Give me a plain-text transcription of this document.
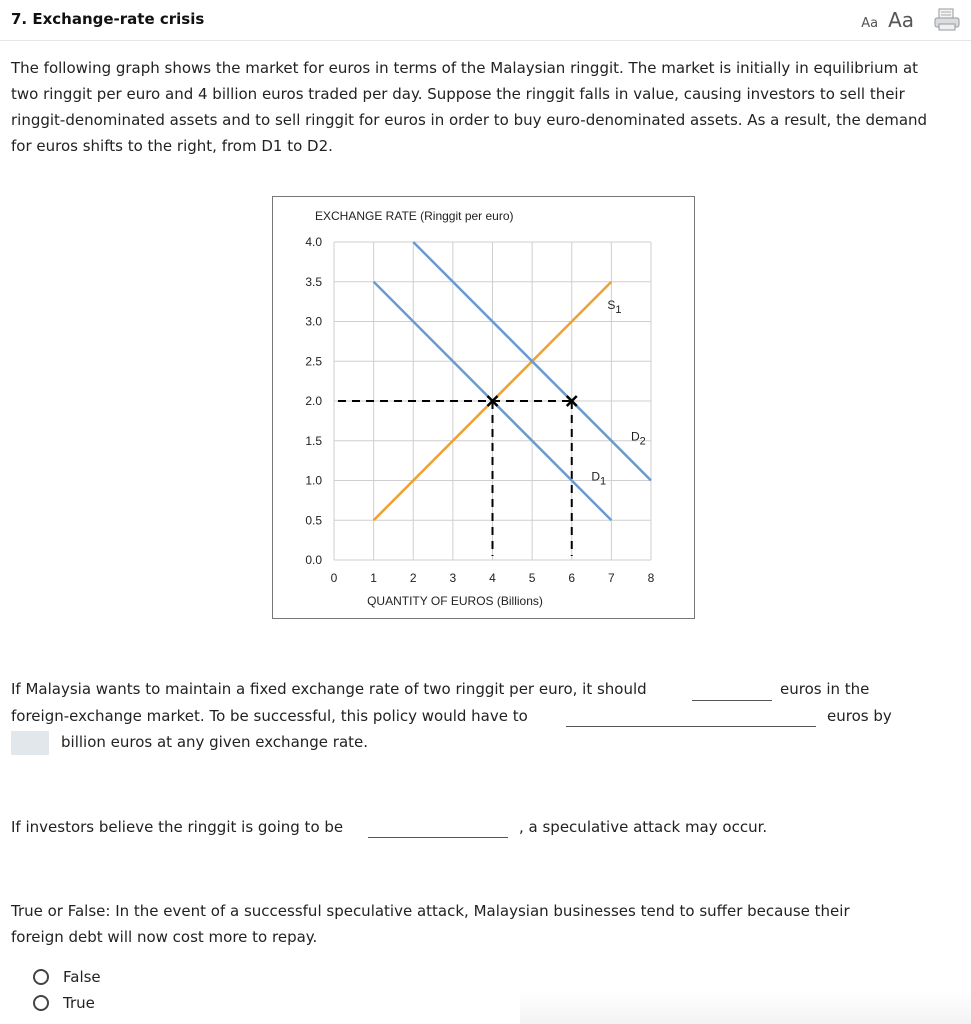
7. Exchange-rate crisis	Aa Aa
The following graph shows the market for euros in terms of the Malaysian ringgit. The market is initially in equilibrium at two ringgit per euro and 4 billion euros traded per day. Suppose the ringgit falls in value, causing investors to sell their ringgit-denominated assets and to sell ringgit for euros in order to buy euro-denominated assets. As a result, the demand for euros shifts to the right, from D1 to D2.
S1
D1
D2
0	1	2	3	4	5	6	7	8
0.0
0.5
1.0
1.5
2.0
2.5
3.0
3.5
4.0
EXCHANGE RATE (Ringgit per euro)
QUANTITY OF EUROS (Billions)
If Malaysia wants to maintain a fixed exchange rate of two ringgit per euro, it should	euros in the
foreign-exchange market. To be successful, this policy would have to	euros by
billion euros at any given exchange rate.
If investors believe the ringgit is going to be	, a speculative attack may occur.
True or False: In the event of a successful speculative attack, Malaysian businesses tend to suffer because their
foreign debt will now cost more to repay.
False
True
